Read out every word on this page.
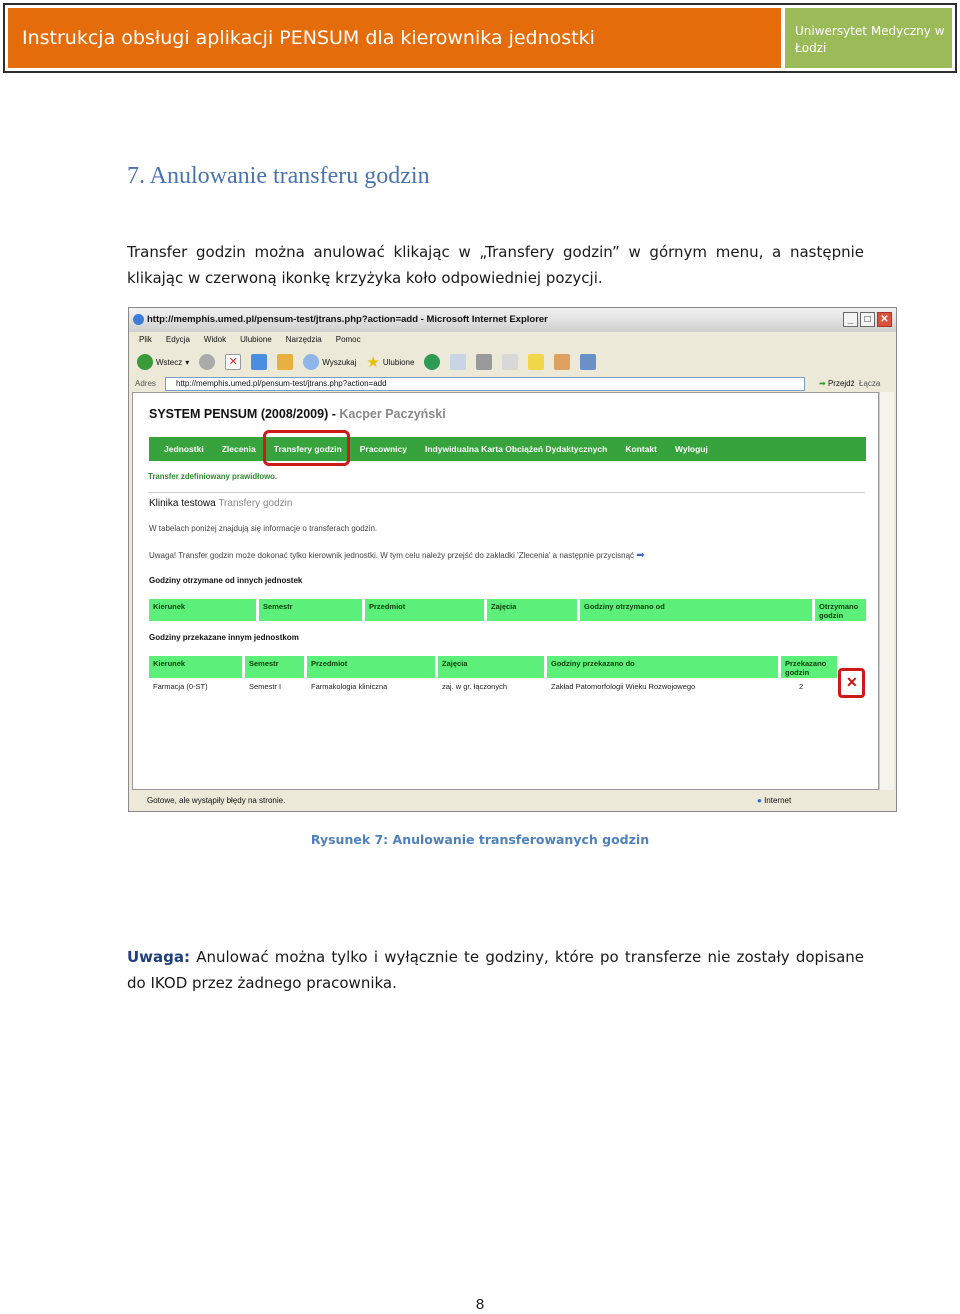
Instrukcja obsługi aplikacji PENSUM dla kierownika jednostki	Uniwersytet Medyczny w Łodzi
7. Anulowanie transferu godzin

Transfer godzin można anulować klikając w „Transfery godzin” w górnym menu, a następnie klikając w czerwoną ikonkę krzyżyka koło odpowiedniej pozycji.

http://memphis.umed.pl/pensum-test/jtrans.php?action=add - Microsoft Internet Explorer	_	□ ✕
Plik Edycja Widok Ulubione Narzędzia Pomoc
Wstecz ▾	✕	Wyszukaj ★ Ulubione
Adres	http://memphis.umed.pl/pensum-test/jtrans.php?action=add	➡ Przejdź Łącza
SYSTEM PENSUM (2008/2009) - Kacper Paczyński
Jednostki	Zlecenia	Transfery godzin	Pracownicy	Indywidualna Karta Obciążeń Dydaktycznych	Kontakt	Wyloguj
Transfer zdefiniowany prawidłowo.
Klinika testowa Transfery godzin
W tabelach poniżej znajdują się informacje o transferach godzin.
Uwaga! Transfer godzin może dokonać tylko kierownik jednostki. W tym celu należy przejść do zakładki 'Zlecenia' a następnie przycisnąć ➡
Godziny otrzymane od innych jednostek
Kierunek	Semestr	Przedmiot	Zajęcia	Godziny otrzymano od	Otrzymano godzin
Godziny przekazane innym jednostkom
Kierunek	Semestr	Przedmiot	Zajęcia	Godziny przekazano do	Przekazano godzin
Farmacja (0-ST)	Semestr I	Farmakologia kliniczna	zaj. w gr. łączonych	Zakład Patomorfologii Wieku Rozwojowego	2	✕
Gotowe, ale wystąpiły błędy na stronie.	● Internet
Rysunek 7: Anulowanie transferowanych godzin

Uwaga: Anulować można tylko i wyłącznie te godziny, które po transferze nie zostały dopisane do IKOD przez żadnego pracownika.

8
